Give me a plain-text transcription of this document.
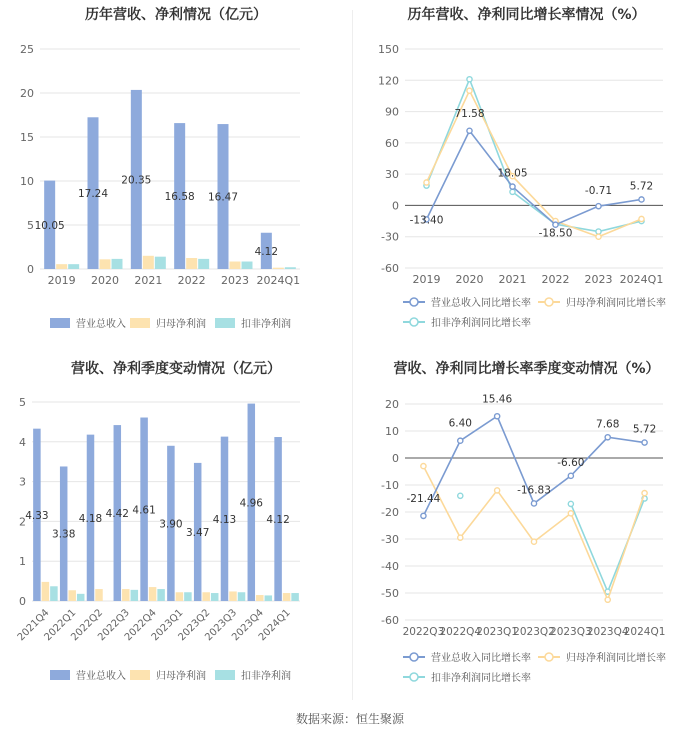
历年营收、净利情况（亿元）
25
20
15
10
5
0
10.05
2019
17.24
2020
20.35
2021
16.58
2022
16.47
2023
4.12
2024Q1
营业总收入	归母净利润	扣非净利润
历年营收、净利同比增长率情况（%）
150
120
90
60
30
0
-30
-60
2019 2020 2021 2022 2023 2024Q1
-13.40
71.58
18.05
-18.50
-0.71 5.72
营业总收入同比增长率	归母净利润同比增长率
扣非净利润同比增长率
营收、净利季度变动情况（亿元）
5
4
3
2
1
0
4.33
2021Q4
3.38
2022Q1
4.18
2022Q2
4.42
2022Q3
4.61
2022Q4
3.90
2023Q1
3.47
2023Q2
4.13
2023Q3
4.96
2023Q4
4.12
2024Q1
营业总收入	归母净利润	扣非净利润
营收、净利同比增长率季度变动情况（%）
20
10
0
-10
-20
-30
-40
-50
-60
2022Q3
2022Q4
2023Q1
2023Q2
2023Q3
2023Q4
2024Q1
-21.44
6.40
15.46
-16.83
-6.60
7.68 5.72
营业总收入同比增长率	归母净利润同比增长率
扣非净利润同比增长率
数据来源：恒生聚源
